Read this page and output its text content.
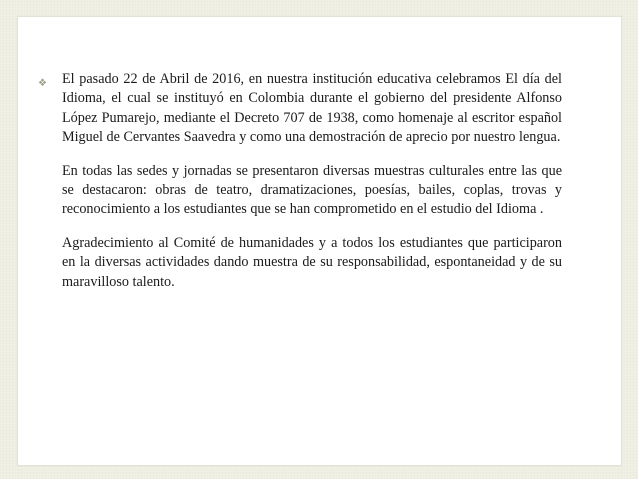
❖ El pasado 22 de Abril de 2016, en nuestra institución educativa celebramos El día del Idioma, el cual se instituyó en Colombia durante el gobierno del presidente Alfonso López Pumarejo, mediante el Decreto 707 de 1938, como homenaje al escritor español Miguel de Cervantes Saavedra y como una demostración de aprecio por nuestro lengua.

En todas las sedes y jornadas se presentaron diversas muestras culturales entre las que se destacaron: obras de teatro, dramatizaciones, poesías, bailes, coplas, trovas y reconocimiento a los estudiantes que se han comprometido en el estudio del Idioma .

Agradecimiento al Comité de humanidades y a todos los estudiantes que participaron en la diversas actividades dando muestra de su responsabilidad, espontaneidad y de su maravilloso talento.
